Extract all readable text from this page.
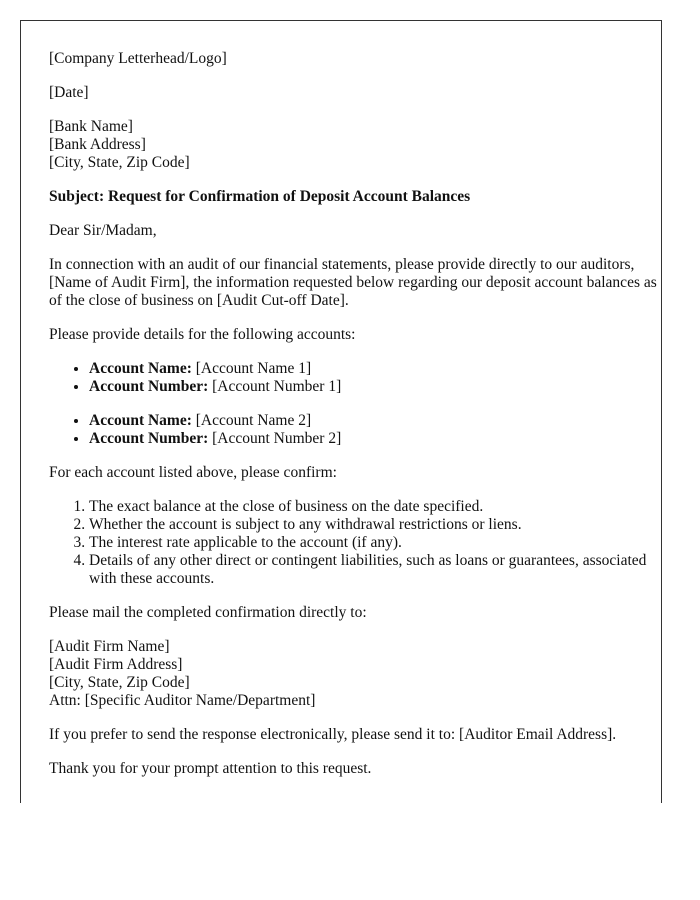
[Company Letterhead/Logo]

[Date]

[Bank Name]
[Bank Address]
[City, State, Zip Code]

Subject: Request for Confirmation of Deposit Account Balances

Dear Sir/Madam,

In connection with an audit of our financial statements, please provide directly to our auditors, [Name of Audit Firm], the information requested below regarding our deposit account balances as of the close of business on [Audit Cut-off Date].

Please provide details for the following accounts:

• Account Name: [Account Name 1]
• Account Number: [Account Number 1]
• Account Name: [Account Name 2]
• Account Number: [Account Number 2]

For each account listed above, please confirm:

1. The exact balance at the close of business on the date specified.
2. Whether the account is subject to any withdrawal restrictions or liens.
3. The interest rate applicable to the account (if any).
4. Details of any other direct or contingent liabilities, such as loans or guarantees, associated with these accounts.

Please mail the completed confirmation directly to:

[Audit Firm Name]
[Audit Firm Address]
[City, State, Zip Code]
Attn: [Specific Auditor Name/Department]

If you prefer to send the response electronically, please send it to: [Auditor Email Address].

Thank you for your prompt attention to this request.
